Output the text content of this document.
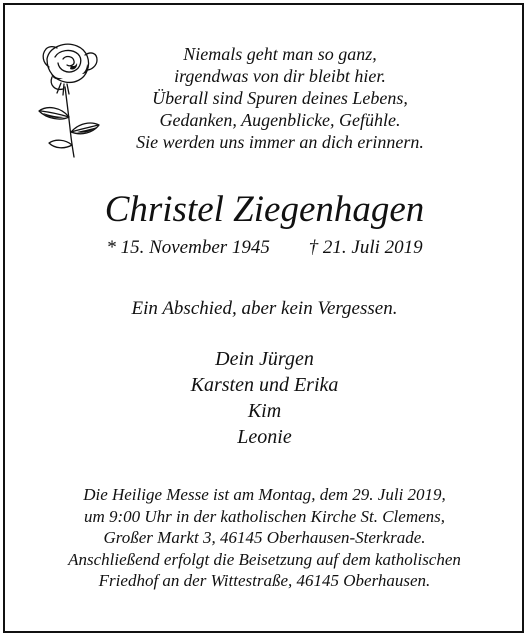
Niemals geht man so ganz,
irgendwas von dir bleibt hier.
Überall sind Spuren deines Lebens,
Gedanken, Augenblicke, Gefühle.
Sie werden uns immer an dich erinnern.
Christel Ziegenhagen
* 15. November 1945 † 21. Juli 2019
Ein Abschied, aber kein Vergessen.
Dein Jürgen
Karsten und Erika
Kim
Leonie
Die Heilige Messe ist am Montag, dem 29. Juli 2019,
um 9:00 Uhr in der katholischen Kirche St. Clemens,
Großer Markt 3, 46145 Oberhausen-Sterkrade.
Anschließend erfolgt die Beisetzung auf dem katholischen
Friedhof an der Wittestraße, 46145 Oberhausen.
